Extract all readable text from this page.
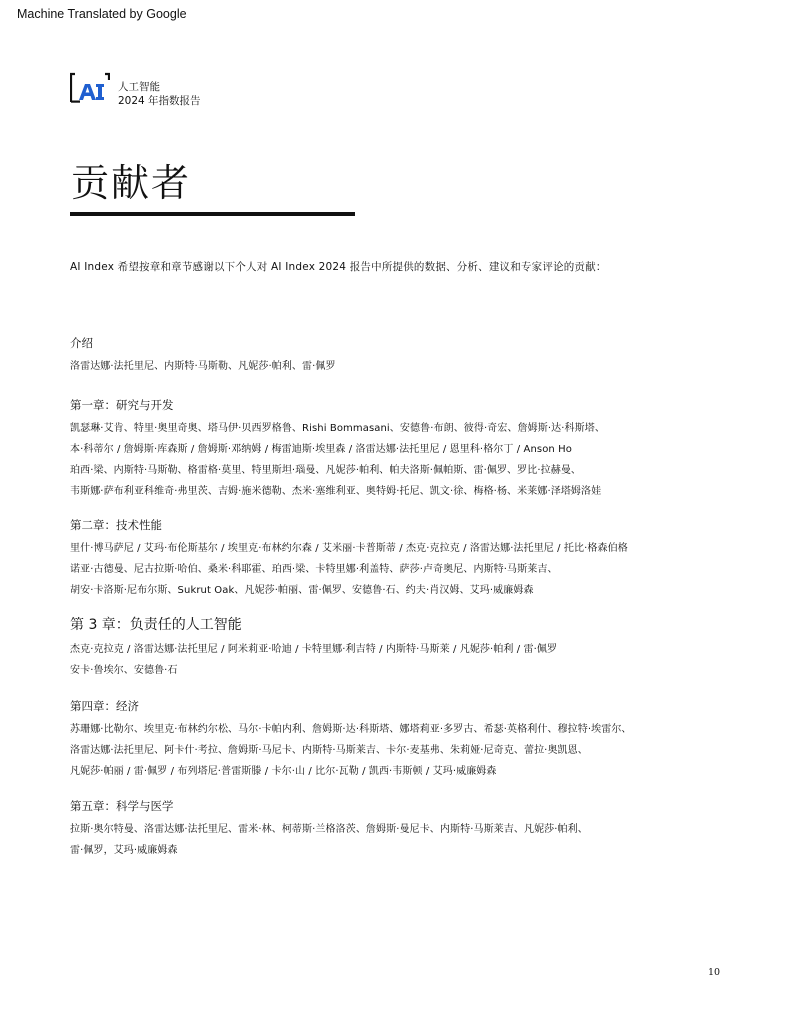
Machine Translated by Google
人工智能
2024 年指数报告
贡献者

AI Index 希望按章和章节感谢以下个人对 AI Index 2024 报告中所提供的数据、分析、建议和专家评论的贡献：

介绍

洛雷达娜·法托里尼、内斯特·马斯勒、凡妮莎·帕利、雷·佩罗

第一章：研究与开发

凯瑟琳·艾肯、特里·奥里奇奥、塔马伊·贝西罗格鲁、Rishi Bommasani、安德鲁·布朗、彼得·奇宏、詹姆斯·达·科斯塔、

本·科蒂尔 / 詹姆斯·库森斯 / 詹姆斯·邓纳姆 / 梅雷迪斯·埃里森 / 洛雷达娜·法托里尼 / 恩里科·格尔丁 / Anson Ho

珀西·梁、内斯特·马斯勒、格雷格·莫里、特里斯坦·瑙曼、凡妮莎·帕利、帕夫洛斯·佩帕斯、雷·佩罗、罗比·拉赫曼、

韦斯娜·萨布利亚科维奇·弗里茨、吉姆·施米德勒、杰米·塞维利亚、奥特姆·托尼、凯文·徐、梅格·杨、米莱娜·泽塔姆洛娃

第二章：技术性能

里什·博马萨尼 / 艾玛·布伦斯基尔 / 埃里克·布林约尔森 / 艾米丽·卡普斯蒂 / 杰克·克拉克 / 洛雷达娜·法托里尼 / 托比·格森伯格

诺亚·古德曼、尼古拉斯·哈伯、桑米·科耶霍、珀西·梁、卡特里娜·利盖特、萨莎·卢奇奥尼、内斯特·马斯莱吉、

胡安·卡洛斯·尼布尔斯、Sukrut Oak、凡妮莎·帕丽、雷·佩罗、安德鲁·石、约夫·肖汉姆、艾玛·威廉姆森

第 3 章：负责任的人工智能

杰克·克拉克 / 洛雷达娜·法托里尼 / 阿米莉亚·哈迪 / 卡特里娜·利吉特 / 内斯特·马斯莱 / 凡妮莎·帕利 / 雷·佩罗

安卡·鲁埃尔、安德鲁·石

第四章：经济

苏珊娜·比勒尔、埃里克·布林约尔松、马尔·卡帕内利、詹姆斯·达·科斯塔、娜塔莉亚·多罗古、希瑟·英格利什、穆拉特·埃雷尔、

洛雷达娜·法托里尼、阿卡什·考拉、詹姆斯·马尼卡、内斯特·马斯莱吉、卡尔·麦基弗、朱莉娅·尼奇克、蕾拉·奥凯恩、

凡妮莎·帕丽 / 雷·佩罗 / 布列塔尼·普雷斯滕 / 卡尔·山 / 比尔·瓦勒 / 凯西·韦斯顿 / 艾玛·威廉姆森

第五章：科学与医学

拉斯·奥尔特曼、洛雷达娜·法托里尼、雷米·林、柯蒂斯·兰格洛茨、詹姆斯·曼尼卡、内斯特·马斯莱吉、凡妮莎·帕利、

雷·佩罗，艾玛·威廉姆森

10
